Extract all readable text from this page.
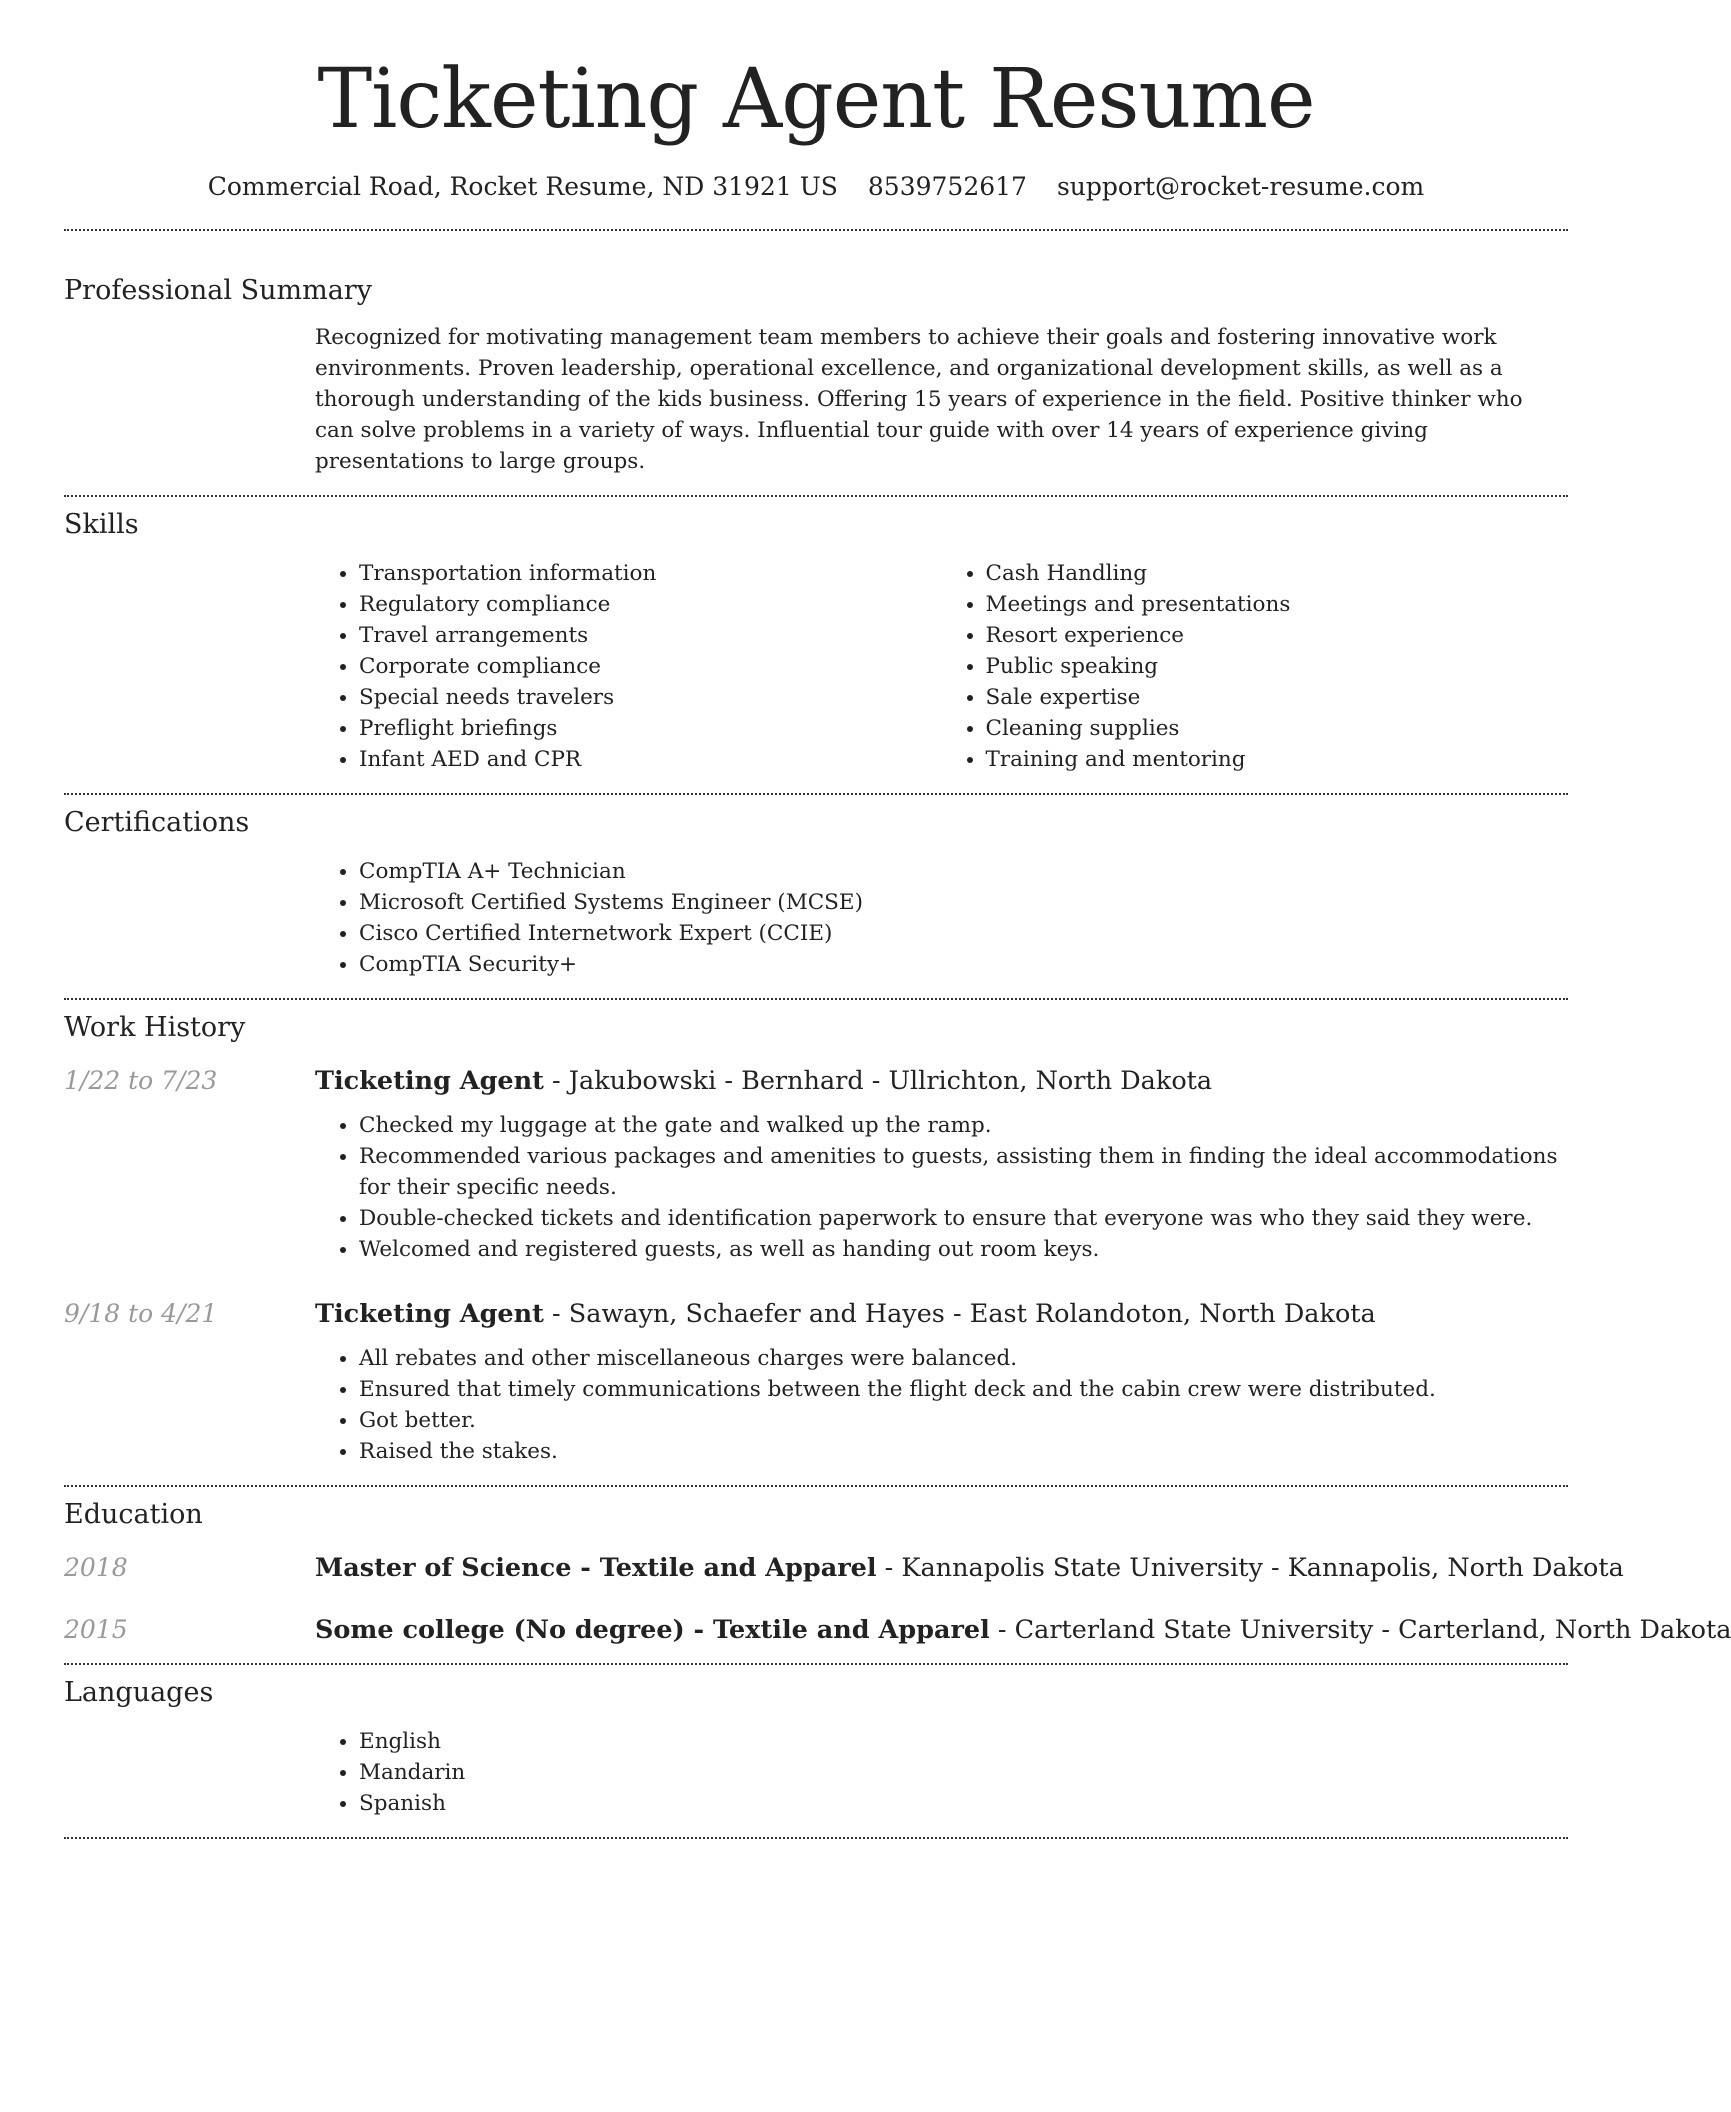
Ticketing Agent Resume
Commercial Road, Rocket Resume, ND 31921 US 8539752617 support@rocket-resume.com
Professional Summary
Recognized for motivating management team members to achieve their goals and fostering innovative work environments. Proven leadership, operational excellence, and organizational development skills, as well as a thorough understanding of the kids business. Offering 15 years of experience in the field. Positive thinker who can solve problems in a variety of ways. Influential tour guide with over 14 years of experience giving presentations to large groups.
Skills
• Transportation information
• Regulatory compliance
• Travel arrangements
• Corporate compliance
• Special needs travelers
• Preflight briefings
• Infant AED and CPR
• Cash Handling
• Meetings and presentations
• Resort experience
• Public speaking
• Sale expertise
• Cleaning supplies
• Training and mentoring
Certifications
• CompTIA A+ Technician
• Microsoft Certified Systems Engineer (MCSE)
• Cisco Certified Internetwork Expert (CCIE)
• CompTIA Security+
Work History
1/22 to 7/23	Ticketing Agent - Jakubowski - Bernhard - Ullrichton, North Dakota
• Checked my luggage at the gate and walked up the ramp.
• Recommended various packages and amenities to guests, assisting them in finding the ideal accommodations for their specific needs.
• Double-checked tickets and identification paperwork to ensure that everyone was who they said they were.
• Welcomed and registered guests, as well as handing out room keys.
9/18 to 4/21	Ticketing Agent - Sawayn, Schaefer and Hayes - East Rolandoton, North Dakota
• All rebates and other miscellaneous charges were balanced.
• Ensured that timely communications between the flight deck and the cabin crew were distributed.
• Got better.
• Raised the stakes.
Education
2018	Master of Science - Textile and Apparel - Kannapolis State University - Kannapolis, North Dakota
2015	Some college (No degree) - Textile and Apparel - Carterland State University - Carterland, North Dakota
Languages
• English
• Mandarin
• Spanish
